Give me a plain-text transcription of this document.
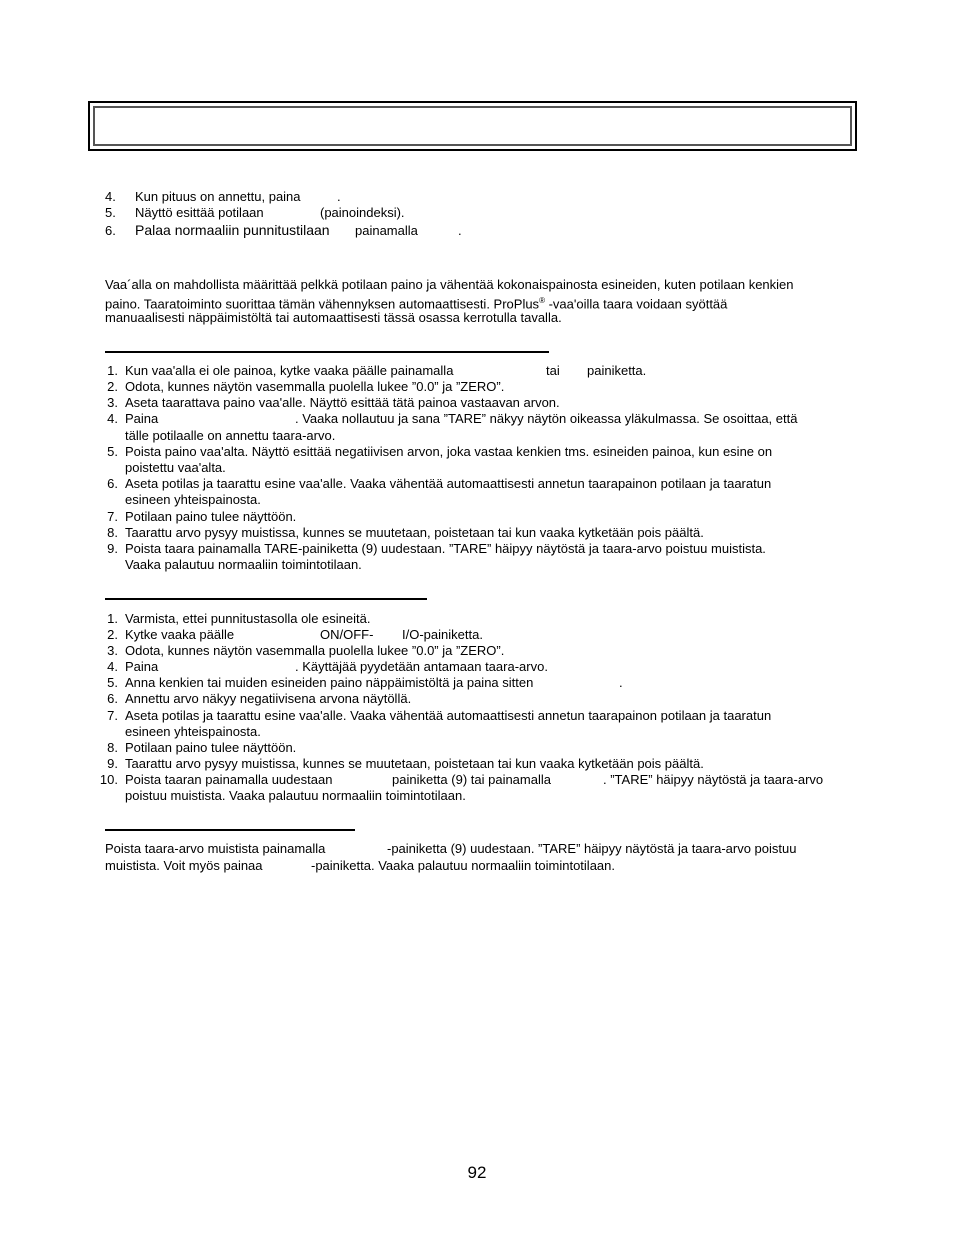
4. Kun pituus on annettu, paina	.
5. Näyttö esittää potilaan	(painoindeksi).
6. Palaa normaaliin punnitustilaan painamalla	.
Vaa´alla on mahdollista määrittää pelkkä potilaan paino ja vähentää kokonaispainosta esineiden, kuten potilaan kenkien
paino. Taaratoiminto suorittaa tämän vähennyksen automaattisesti. ProPlus® -vaa'oilla taara voidaan syöttää
manuaalisesti näppäimistöltä tai automaattisesti tässä osassa kerrotulla tavalla.
1. Kun vaa'alla ei ole painoa, kytke vaaka päälle painamalla	tai painiketta.
2. Odota, kunnes näytön vasemmalla puolella lukee ”0.0” ja ”ZERO”.
3. Aseta taarattava paino vaa'alle. Näyttö esittää tätä painoa vastaavan arvon.
4. Paina	. Vaaka nollautuu ja sana ”TARE” näkyy näytön oikeassa yläkulmassa. Se osoittaa, että
tälle potilaalle on annettu taara-arvo.
5. Poista paino vaa'alta. Näyttö esittää negatiivisen arvon, joka vastaa kenkien tms. esineiden painoa, kun esine on
poistettu vaa'alta.
6. Aseta potilas ja taarattu esine vaa'alle. Vaaka vähentää automaattisesti annetun taarapainon potilaan ja taaratun
esineen yhteispainosta.
7. Potilaan paino tulee näyttöön.
8. Taarattu arvo pysyy muistissa, kunnes se muutetaan, poistetaan tai kun vaaka kytketään pois päältä.
9. Poista taara painamalla TARE-painiketta (9) uudestaan. ”TARE” häipyy näytöstä ja taara-arvo poistuu muistista.
Vaaka palautuu normaaliin toimintotilaan.
1. Varmista, ettei punnitustasolla ole esineitä.
2. Kytke vaaka päälle	ON/OFF- I/O-painiketta.
3. Odota, kunnes näytön vasemmalla puolella lukee ”0.0” ja ”ZERO”.
4. Paina	. Käyttäjää pyydetään antamaan taara-arvo.
5. Anna kenkien tai muiden esineiden paino näppäimistöltä ja paina sitten	.
6. Annettu arvo näkyy negatiivisena arvona näytöllä.
7. Aseta potilas ja taarattu esine vaa'alle. Vaaka vähentää automaattisesti annetun taarapainon potilaan ja taaratun
esineen yhteispainosta.
8. Potilaan paino tulee näyttöön.
9. Taarattu arvo pysyy muistissa, kunnes se muutetaan, poistetaan tai kun vaaka kytketään pois päältä.
10. Poista taaran painamalla uudestaan	painiketta (9) tai painamalla	. ”TARE” häipyy näytöstä ja taara-arvo
poistuu muistista. Vaaka palautuu normaaliin toimintotilaan.
Poista taara-arvo muistista painamalla	-painiketta (9) uudestaan. ”TARE” häipyy näytöstä ja taara-arvo poistuu
muistista. Voit myös painaa	-painiketta. Vaaka palautuu normaaliin toimintotilaan.
92
